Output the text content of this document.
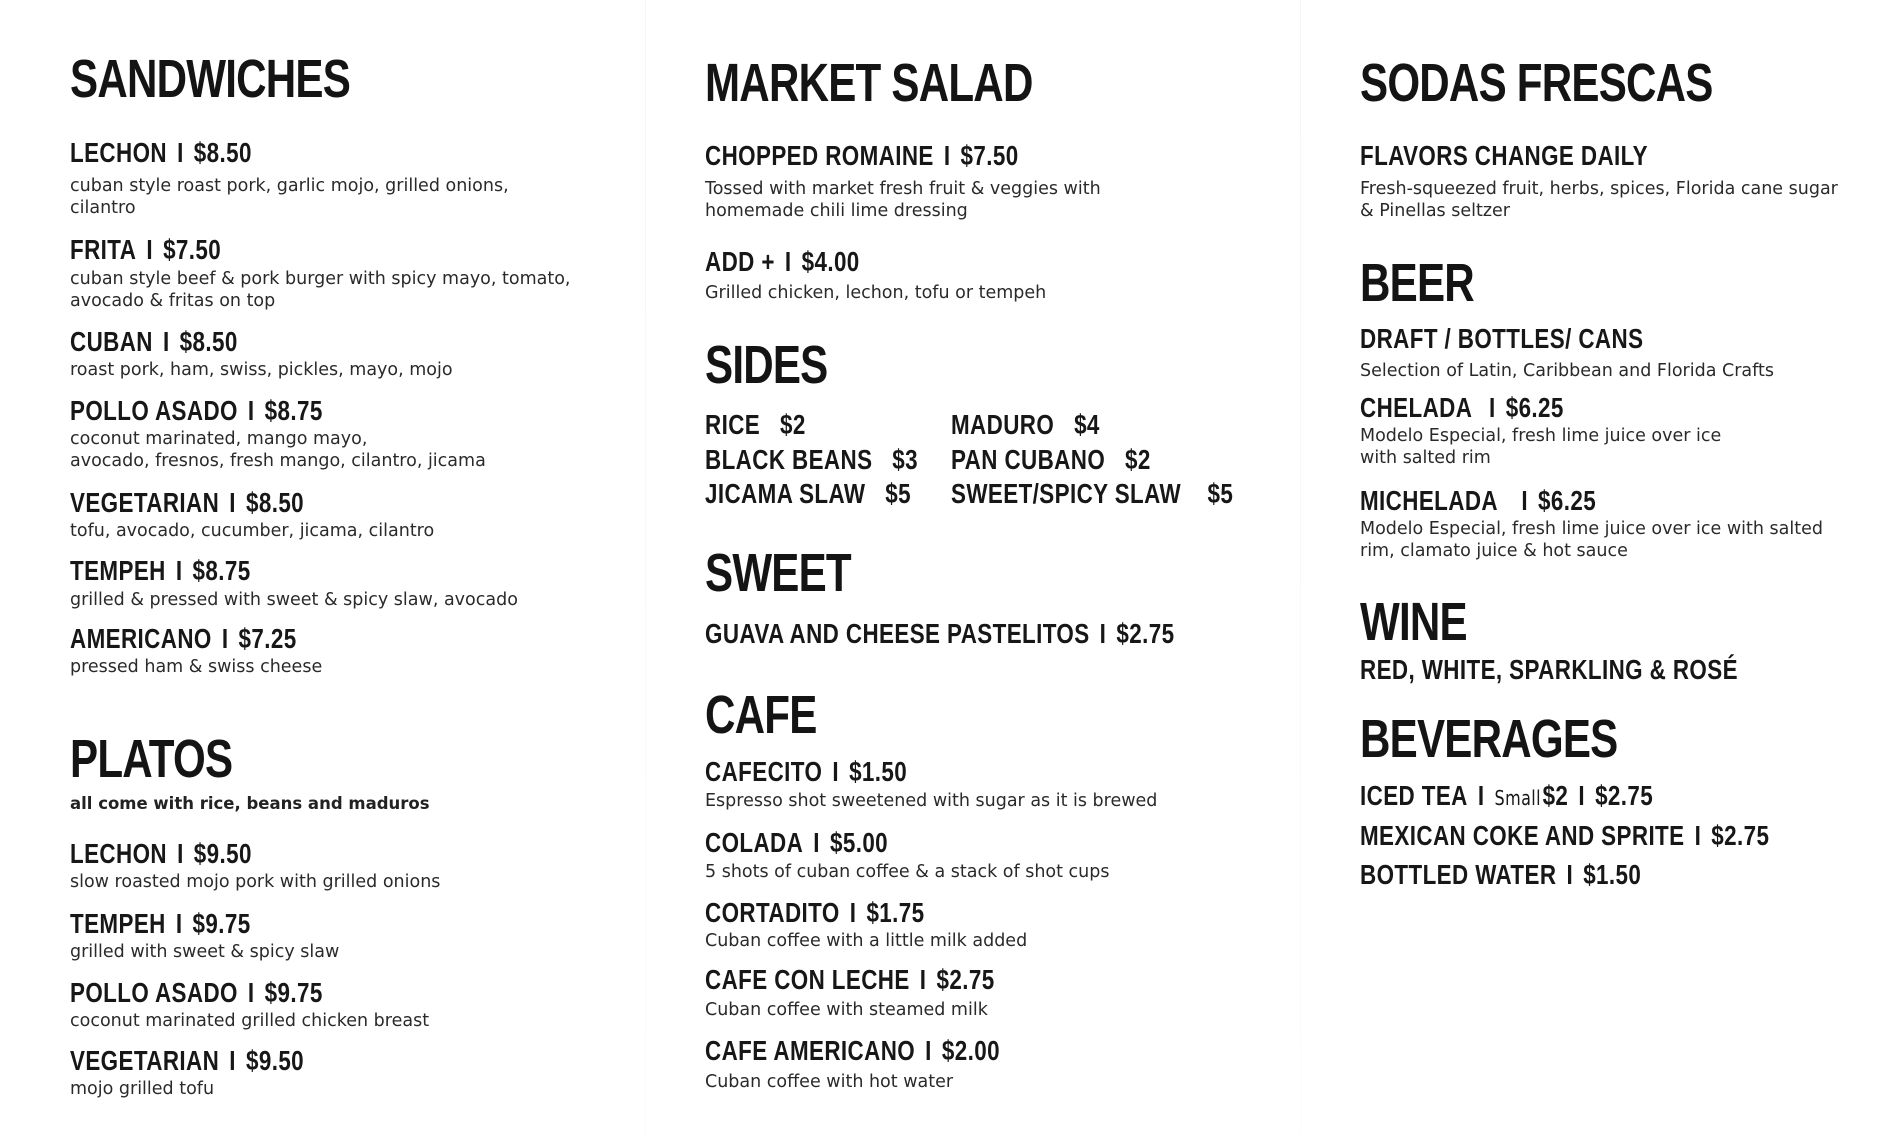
SANDWICHES
LECHON I $8.50
cuban style roast pork, garlic mojo, grilled onions,
cilantro
FRITA I $7.50
cuban style beef & pork burger with spicy mayo, tomato,
avocado & fritas on top
CUBAN I $8.50
roast pork, ham, swiss, pickles, mayo, mojo
POLLO ASADO I $8.75
coconut marinated, mango mayo,
avocado, fresnos, fresh mango, cilantro, jicama
VEGETARIAN I $8.50
tofu, avocado, cucumber, jicama, cilantro
TEMPEH I $8.75
grilled & pressed with sweet & spicy slaw, avocado
AMERICANO I $7.25
pressed ham & swiss cheese
PLATOS
all come with rice, beans and maduros
LECHON I $9.50
slow roasted mojo pork with grilled onions
TEMPEH I $9.75
grilled with sweet & spicy slaw
POLLO ASADO I $9.75
coconut marinated grilled chicken breast
VEGETARIAN I $9.50
mojo grilled tofu
MARKET SALAD
CHOPPED ROMAINE I $7.50
Tossed with market fresh fruit & veggies with
homemade chili lime dressing
ADD + I $4.00
Grilled chicken, lechon, tofu or tempeh
SIDES
RICE $2
BLACK BEANS $3
JICAMA SLAW $5
MADURO $4
PAN CUBANO $2
SWEET/SPICY SLAW $5
SWEET
GUAVA AND CHEESE PASTELITOS I $2.75
CAFE
CAFECITO I $1.50
Espresso shot sweetened with sugar as it is brewed
COLADA I $5.00
5 shots of cuban coffee & a stack of shot cups
CORTADITO I $1.75
Cuban coffee with a little milk added
CAFE CON LECHE I $2.75
Cuban coffee with steamed milk
CAFE AMERICANO I $2.00
Cuban coffee with hot water
SODAS FRESCAS
FLAVORS CHANGE DAILY
Fresh-squeezed fruit, herbs, spices, Florida cane sugar
& Pinellas seltzer
BEER
DRAFT / BOTTLES/ CANS
Selection of Latin, Caribbean and Florida Crafts
CHELADA I $6.25
Modelo Especial, fresh lime juice over ice
with salted rim
MICHELADA  I $6.25
Modelo Especial, fresh lime juice over ice with salted
rim, clamato juice & hot sauce
WINE
RED, WHITE, SPARKLING & ROSÉ
BEVERAGES
ICED TEA I Small$2 I $2.75
MEXICAN COKE AND SPRITE I $2.75
BOTTLED WATER I $1.50
